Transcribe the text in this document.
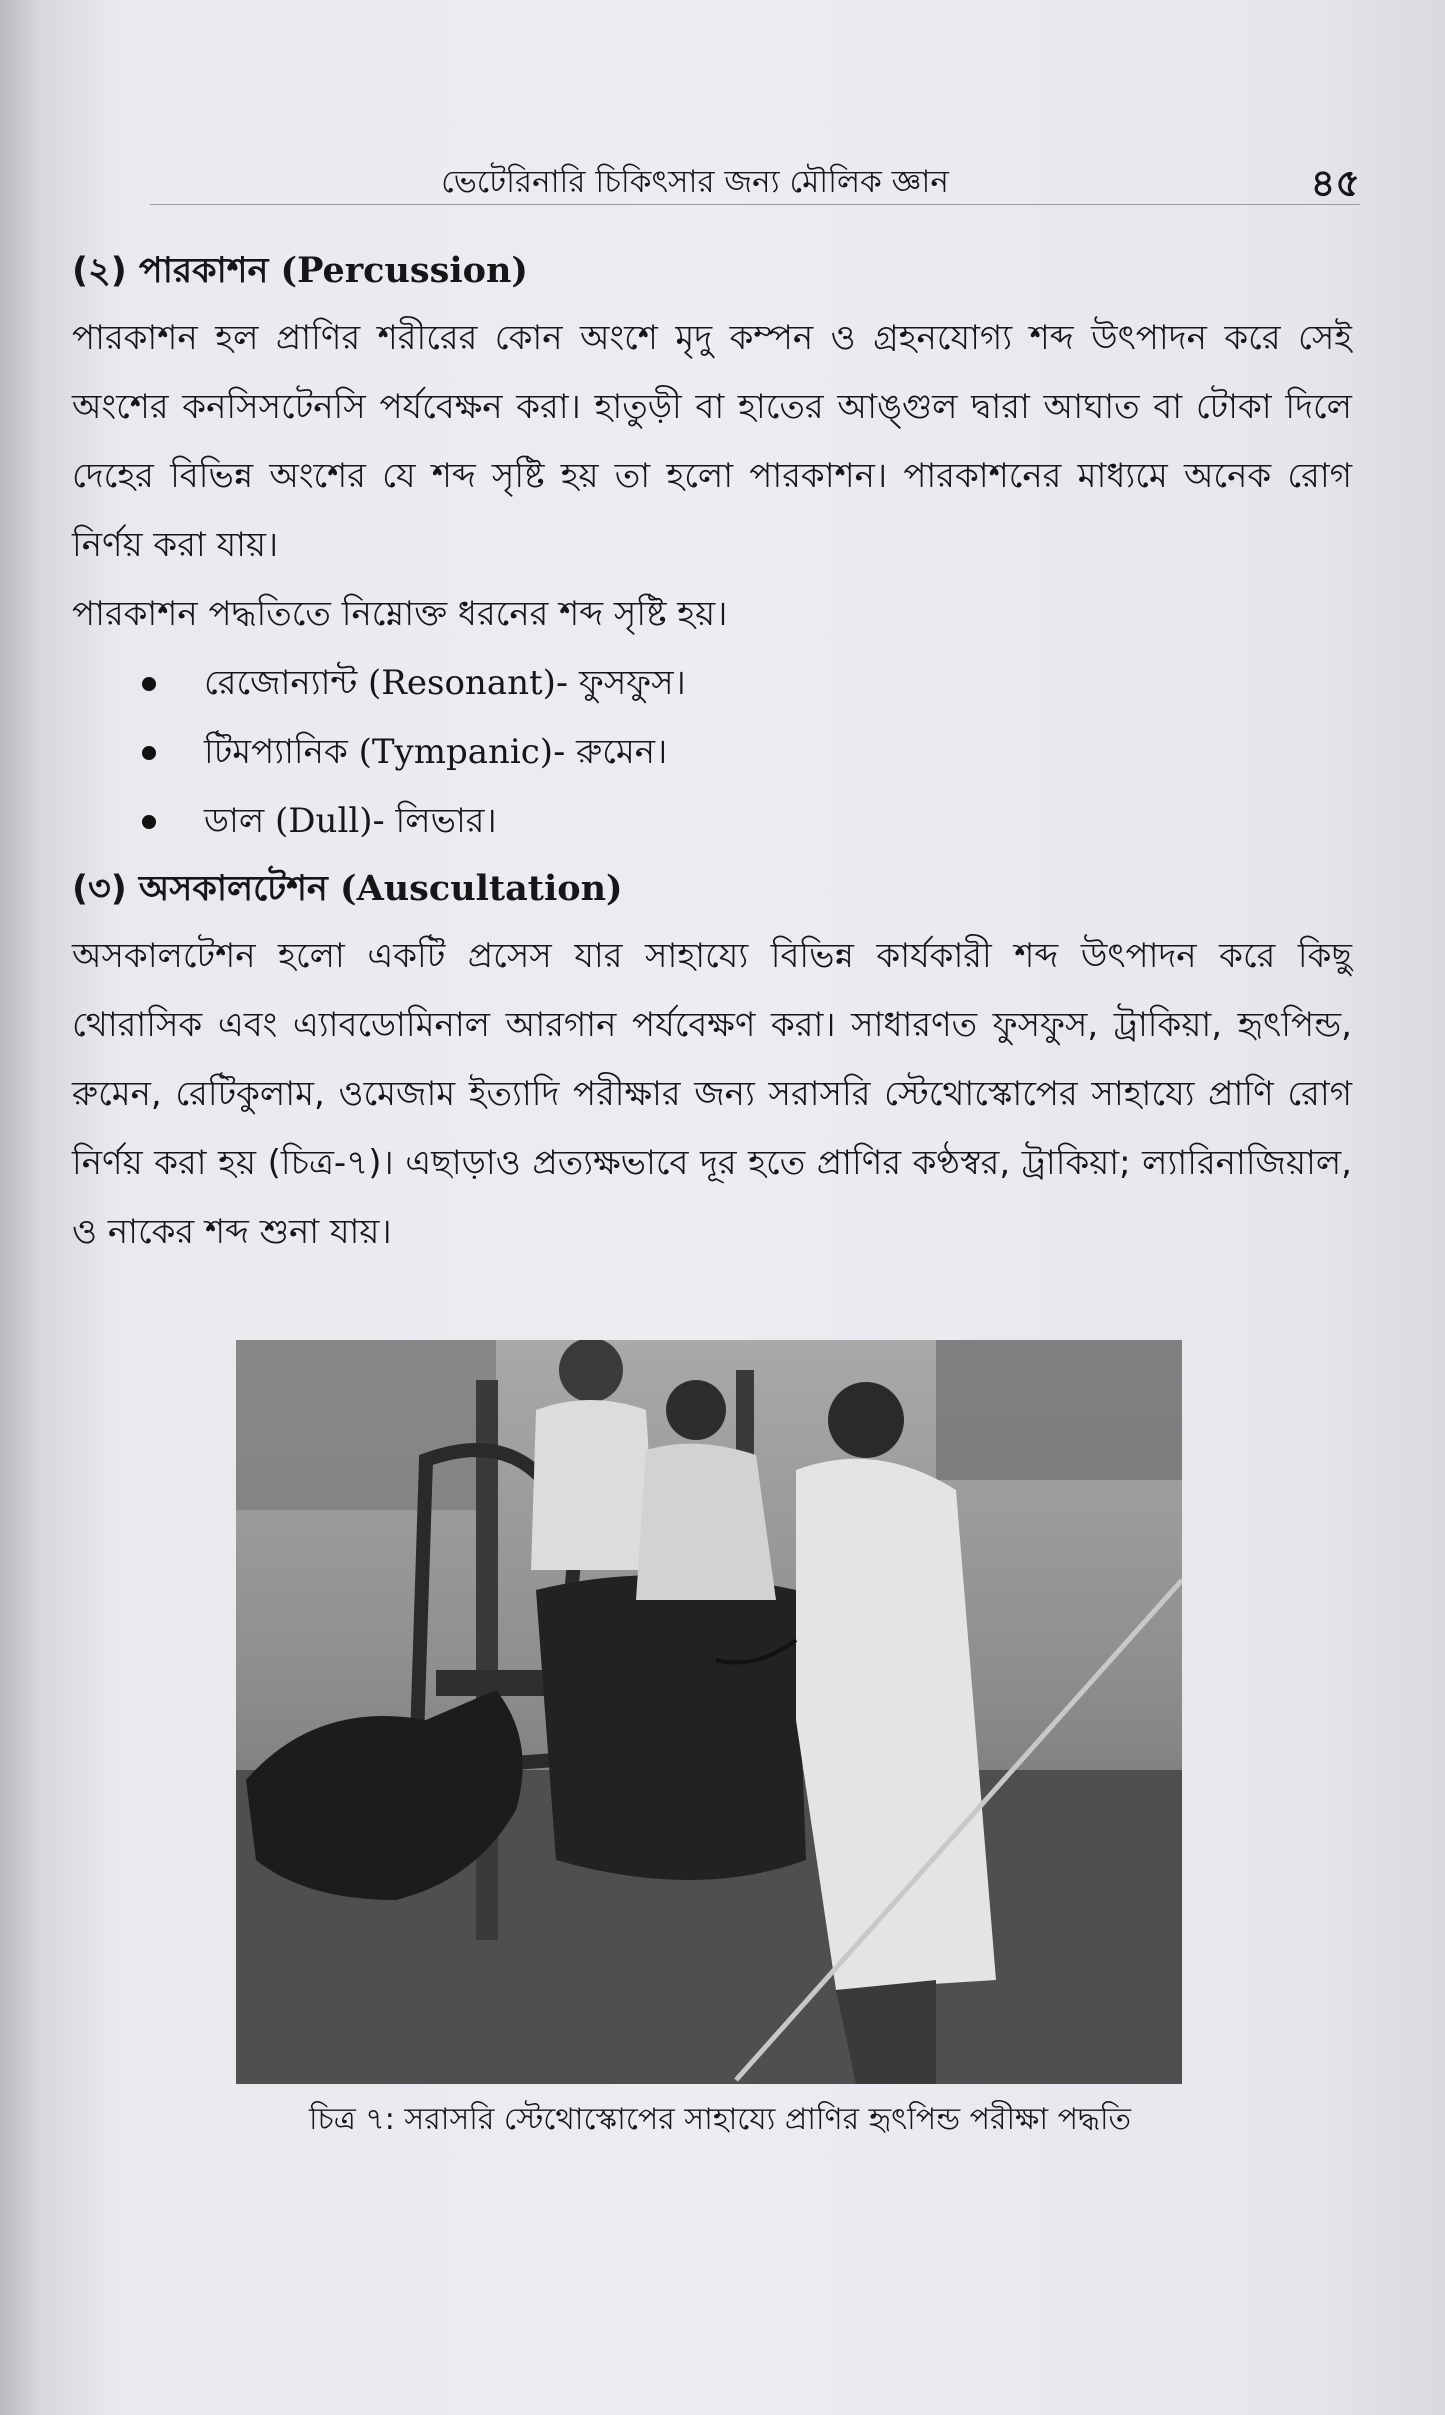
ভেটেরিনারি চিকিৎসার জন্য মৌলিক জ্ঞান	৪৫
(২) পারকাশন (Percussion)

পারকাশন হল প্রাণির শরীরের কোন অংশে মৃদু কম্পন ও গ্রহনযোগ্য শব্দ উৎপাদন করে সেই অংশের কনসিসটেনসি পর্যবেক্ষন করা। হাতুড়ী বা হাতের আঙ্গুল দ্বারা আঘাত বা টোকা দিলে দেহের বিভিন্ন অংশের যে শব্দ সৃষ্টি হয় তা হলো পারকাশন। পারকাশনের মাধ্যমে অনেক রোগ নির্ণয় করা যায়।

পারকাশন পদ্ধতিতে নিম্নোক্ত ধরনের শব্দ সৃষ্টি হয়।

রেজোন্যান্ট
(Resonant) - ফুসফুস।
টিমপ্যানিক
(Tympanic) - রুমেন।
ডাল
(Dull) - লিভার।
(৩) অসকালটেশন (Auscultation)

অসকালটেশন হলো একটি প্রসেস যার সাহায্যে বিভিন্ন কার্যকারী শব্দ উৎপাদন করে কিছু থোরাসিক এবং এ্যাবডোমিনাল আরগান পর্যবেক্ষণ করা। সাধারণত ফুসফুস, ট্রাকিয়া, হৃৎপিন্ড, রুমেন, রেটিকুলাম, ওমেজাম ইত্যাদি পরীক্ষার জন্য সরাসরি স্টেথোস্কোপের সাহায্যে প্রাণি রোগ নির্ণয় করা হয় (চিত্র-৭)। এছাড়াও প্রত্যক্ষভাবে দূর হতে প্রাণির কণ্ঠস্বর, ট্রাকিয়া; ল্যারিনাজিয়াল, ও নাকের শব্দ শুনা যায়।

চিত্র ৭: সরাসরি স্টেথোস্কোপের সাহায্যে প্রাণির হৃৎপিন্ড পরীক্ষা পদ্ধতি
